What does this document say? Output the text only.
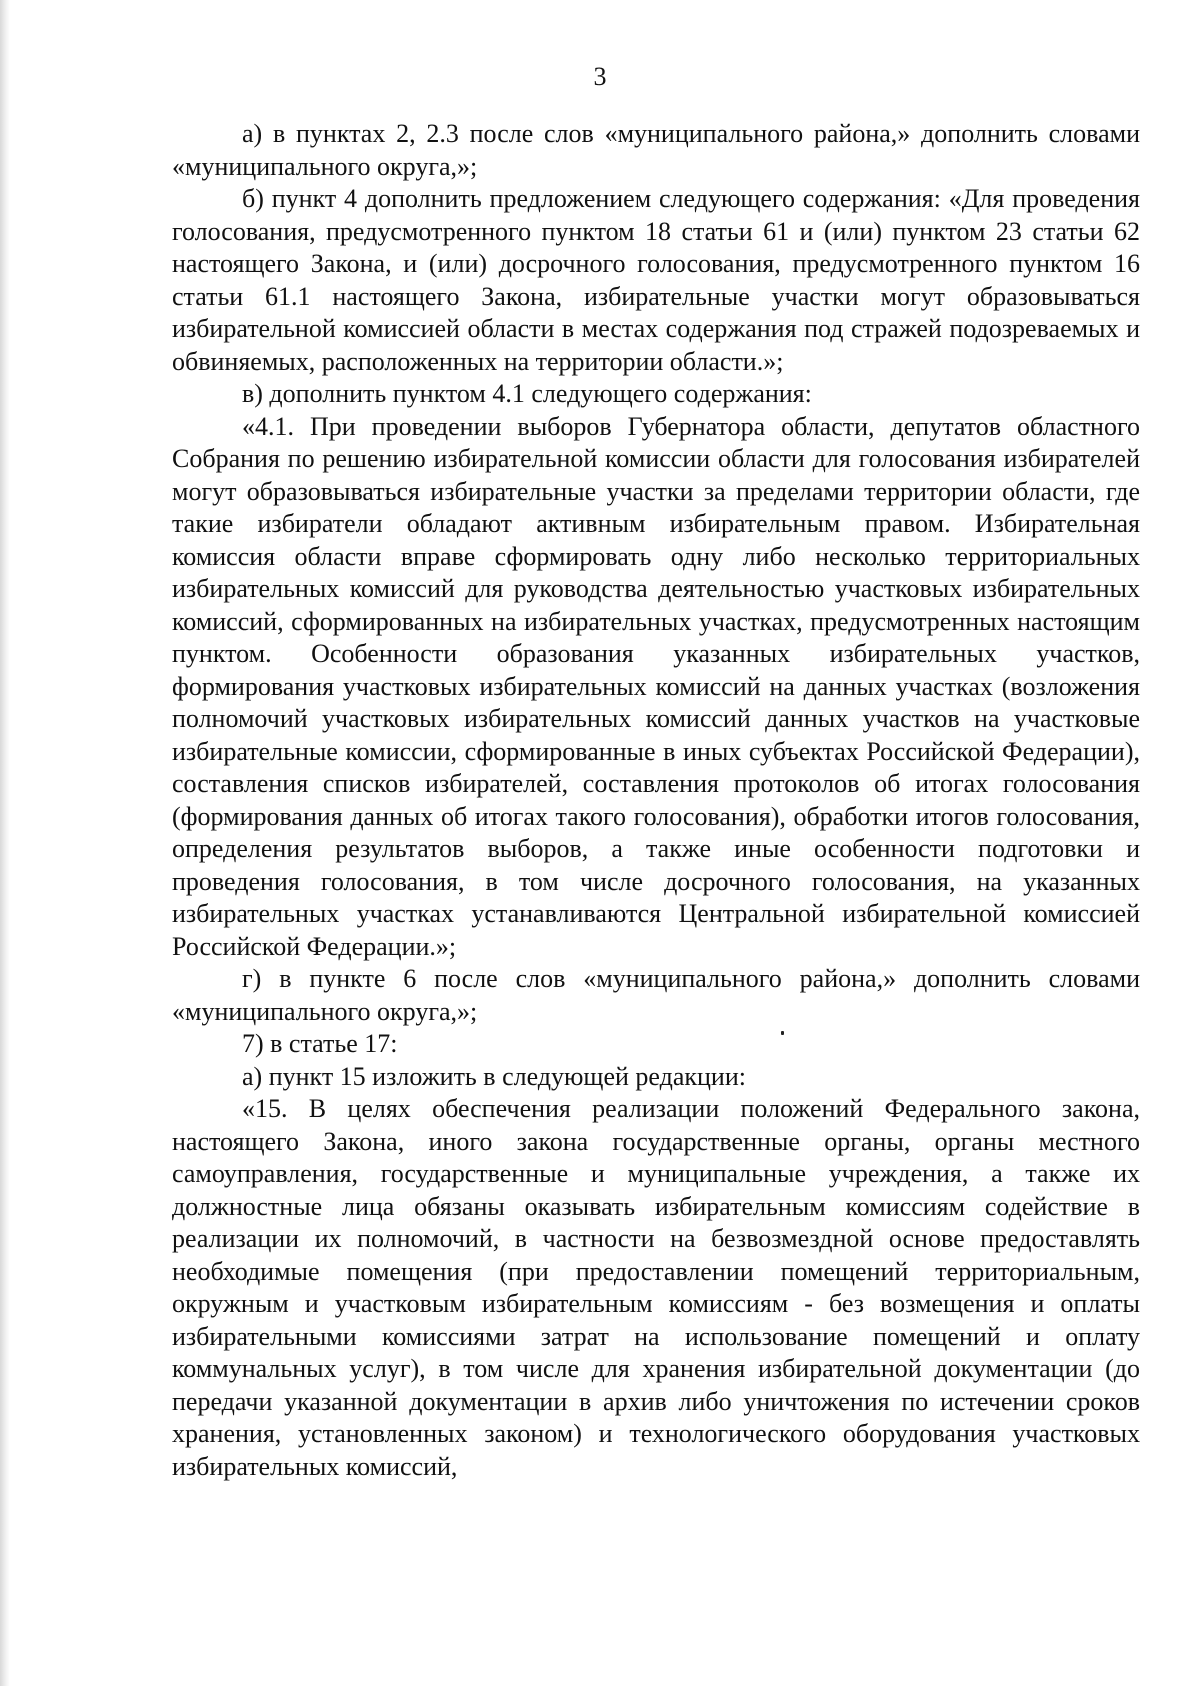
3

а) в пунктах 2, 2.3 после слов «муниципального района,» дополнить словами «муниципального округа,»;

б) пункт 4 дополнить предложением следующего содержания: «Для проведения голосования, предусмотренного пунктом 18 статьи 61 и (или) пунктом 23 статьи 62 настоящего Закона, и (или) досрочного голосования, предусмотренного пунктом 16 статьи 61.1 настоящего Закона, избирательные участки могут образовываться избирательной комиссией области в местах содержания под стражей подозреваемых и обвиняемых, расположенных на территории области.»;

в) дополнить пунктом 4.1 следующего содержания:

«4.1. При проведении выборов Губернатора области, депутатов областного Собрания по решению избирательной комиссии области для голосования избирателей могут образовываться избирательные участки за пределами территории области, где такие избиратели обладают активным избирательным правом. Избирательная комиссия области вправе сформировать одну либо несколько территориальных избирательных комиссий для руководства деятельностью участковых избирательных комиссий, сформированных на избирательных участках, предусмотренных настоящим пунктом. Особенности образования указанных избирательных участков, формирования участковых избирательных комиссий на данных участках (возложения полномочий участковых избирательных комиссий данных участков на участковые избирательные комиссии, сформированные в иных субъектах Российской Федерации), составления списков избирателей, составления протоколов об итогах голосования (формирования данных об итогах такого голосования), обработки итогов голосования, определения результатов выборов, а также иные особенности подготовки и проведения голосования, в том числе досрочного голосования, на указанных избирательных участках устанавливаются Центральной избирательной комиссией Российской Федерации.»;

г) в пункте 6 после слов «муниципального района,» дополнить словами «муниципального округа,»;

7) в статье 17:

а) пункт 15 изложить в следующей редакции:

«15. В целях обеспечения реализации положений Федерального закона, настоящего Закона, иного закона государственные органы, органы местного самоуправления, государственные и муниципальные учреждения, а также их должностные лица обязаны оказывать избирательным комиссиям содействие в реализации их полномочий, в частности на безвозмездной основе предоставлять необходимые помещения (при предоставлении помещений территориальным, окружным и участковым избирательным комиссиям - без возмещения и оплаты избирательными комиссиями затрат на использование помещений и оплату коммунальных услуг), в том числе для хранения избирательной документации (до передачи указанной документации в архив либо уничтожения по истечении сроков хранения, установленных законом) и технологического оборудования участковых избирательных комиссий,
